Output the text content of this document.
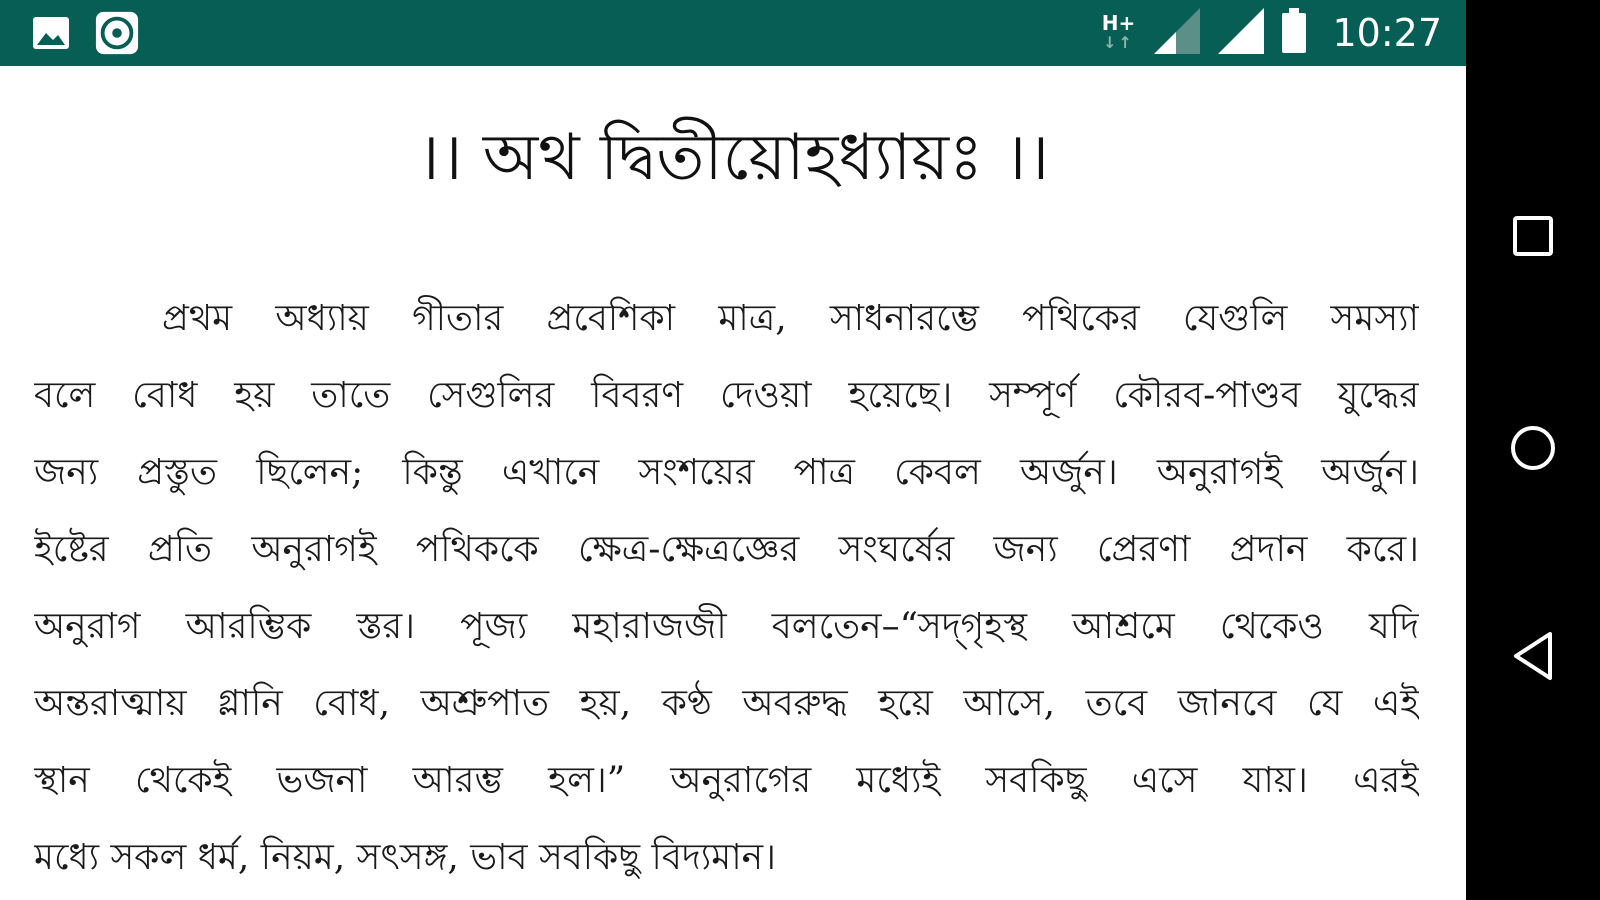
H+
↓↑	10:27
।। অথ দ্বিতীয়োহধ্যায়ঃ ।।
প্রথম অধ্যায় গীতার প্রবেশিকা মাত্র, সাধনারম্ভে পথিকের যেগুলি সমস্যা
বলে বোধ হয় তাতে সেগুলির বিবরণ দেওয়া হয়েছে। সম্পূর্ণ কৌরব-পাণ্ডব যুদ্ধের
জন্য প্রস্তুত ছিলেন; কিন্তু এখানে সংশয়ের পাত্র কেবল অর্জুন। অনুরাগই অর্জুন।
ইষ্টের প্রতি অনুরাগই পথিককে ক্ষেত্র-ক্ষেত্রজ্ঞের সংঘর্ষের জন্য প্রেরণা প্রদান করে।
অনুরাগ আরম্ভিক স্তর। পূজ্য মহারাজজী বলতেন–“সদ্‌গৃহস্থ আশ্রমে থেকেও যদি
অন্তরাত্মায় গ্লানি বোধ, অশ্রুপাত হয়, কণ্ঠ অবরুদ্ধ হয়ে আসে, তবে জানবে যে এই
স্থান থেকেই ভজনা আরম্ভ হল।” অনুরাগের মধ্যেই সবকিছু এসে যায়। এরই
মধ্যে সকল ধর্ম, নিয়ম, সৎসঙ্গ, ভাব সবকিছু বিদ্যমান।
